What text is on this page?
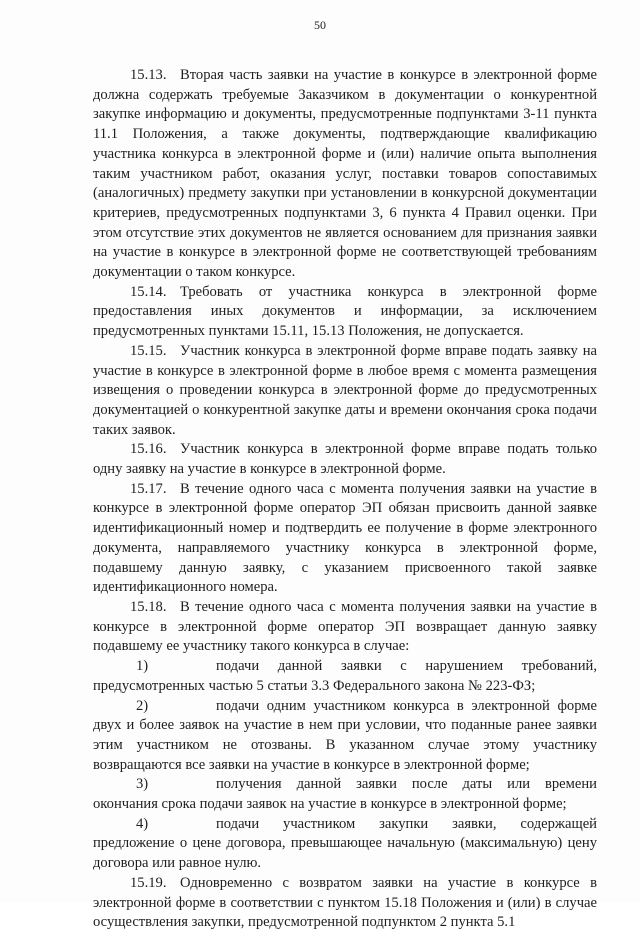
50

15.13. Вторая часть заявки на участие в конкурсе в электронной форме должна содержать требуемые Заказчиком в документации о конкурентной закупке информацию и документы, предусмотренные подпунктами 3-11 пункта 11.1 Положения, а также документы, подтверждающие квалификацию участника конкурса в электронной форме и (или) наличие опыта выполнения таким участником работ, оказания услуг, поставки товаров сопоставимых (аналогичных) предмету закупки при установлении в конкурсной документации критериев, предусмотренных подпунктами 3, 6 пункта 4 Правил оценки. При этом отсутствие этих документов не является основанием для признания заявки на участие в конкурсе в электронной форме не соответствующей требованиям документации о таком конкурсе.

15.14. Требовать от участника конкурса в электронной форме предоставления иных документов и информации, за исключением предусмотренных пунктами 15.11, 15.13 Положения, не допускается.

15.15. Участник конкурса в электронной форме вправе подать заявку на участие в конкурсе в электронной форме в любое время с момента размещения извещения о проведении конкурса в электронной форме до предусмотренных документацией о конкурентной закупке даты и времени окончания срока подачи таких заявок.

15.16. Участник конкурса в электронной форме вправе подать только одну заявку на участие в конкурсе в электронной форме.

15.17. В течение одного часа с момента получения заявки на участие в конкурсе в электронной форме оператор ЭП обязан присвоить данной заявке идентификационный номер и подтвердить ее получение в форме электронного документа, направляемого участнику конкурса в электронной форме, подавшему данную заявку, с указанием присвоенного такой заявке идентификационного номера.

15.18. В течение одного часа с момента получения заявки на участие в конкурсе в электронной форме оператор ЭП возвращает данную заявку подавшему ее участнику такого конкурса в случае:

1)	подачи данной заявки с нарушением требований, предусмотренных частью 5 статьи 3.3 Федерального закона № 223-ФЗ;

2)	подачи одним участником конкурса в электронной форме двух и более заявок на участие в нем при условии, что поданные ранее заявки этим участником не отозваны. В указанном случае этому участнику возвращаются все заявки на участие в конкурсе в электронной форме;

3)	получения данной заявки после даты или времени окончания срока подачи заявок на участие в конкурсе в электронной форме;

4)	подачи участником закупки заявки, содержащей предложение о цене договора, превышающее начальную (максимальную) цену договора или равное нулю.

15.19. Одновременно с возвратом заявки на участие в конкурсе в электронной форме в соответствии с пунктом 15.18 Положения и (или) в случае осуществления закупки, предусмотренной подпунктом 2 пункта 5.1
